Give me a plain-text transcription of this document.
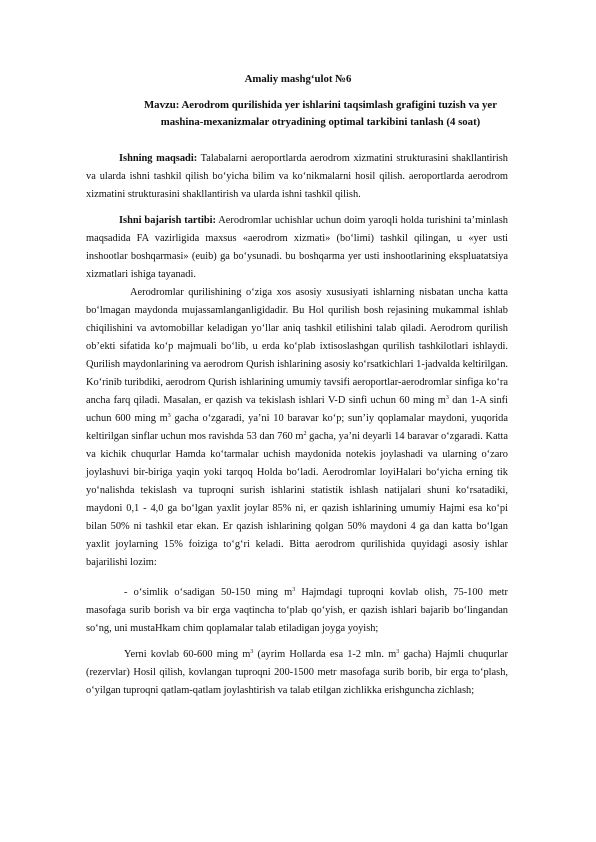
Amaliy mashg‘ulot №6
Mavzu: Aerodrom qurilishida yer ishlarini taqsimlash grafigini tuzish va yer
mashina-mexanizmalar otryadining optimal tarkibini tanlash (4 soat)

Ishning maqsadi: Talabalarni aeroportlarda aerodrom xizmatini strukturasini shakllantirish va ularda ishni tashkil qilish bo‘yicha bilim va ko‘nikmalarni hosil qilish. aeroportlarda aerodrom xizmatini strukturasini shakllantirish va ularda ishni tashkil qilish.

Ishni bajarish tartibi: Aerodromlar uchishlar uchun doim yaroqli holda turishini ta’minlash maqsadida FA vazirligida maxsus «aerodrom xizmati» (bo‘limi) tashkil qilingan, u «yer usti inshootlar boshqarmasi» (euib) ga bo‘ysunadi. bu boshqarma yer usti inshootlarining ekspluatatsiya xizmatlari ishiga tayanadi.

Aerodromlar qurilishining o‘ziga xos asosiy xususiyati ishlarning nisbatan uncha katta bo‘lmagan maydonda mujassamlanganligidadir. Bu Hol qurilish bosh rejasining mukammal ishlab chiqilishini va avtomobillar keladigan yo‘llar aniq tashkil etilishini talab qiladi. Aerodrom qurilish ob’ekti sifatida ko‘p majmuali bo‘lib, u erda ko‘plab ixtisoslashgan qurilish tashkilotlari ishlaydi. Qurilish maydonlarining va aerodrom Qurish ishlarining asosiy ko‘rsatkichlari 1-jadvalda keltirilgan. Ko‘rinib turibdiki, aerodrom Qurish ishlarining umumiy tavsifi aeroportlar-aerodromlar sinfiga ko‘ra ancha farq qiladi. Masalan, er qazish va tekislash ishlari V-D sinfi uchun 60 ming $m^3$ dan 1-A sinfi uchun 600 ming $m^3$ gacha o‘zgaradi, ya’ni 10 baravar ko‘p; sun’iy qoplamalar maydoni, yuqorida keltirilgan sinflar uchun mos ravishda 53 dan 760 $m^2$ gacha, ya’ni deyarli 14 baravar o‘zgaradi. Katta va kichik chuqurlar Hamda ko‘tarmalar uchish maydonida notekis joylashadi va ularning o‘zaro joylashuvi bir-biriga yaqin yoki tarqoq Holda bo‘ladi. Aerodromlar loyiHalari bo‘yicha erning tik yo‘nalishda tekislash va tuproqni surish ishlarini statistik ishlash natijalari shuni ko‘rsatadiki, maydoni 0,1 - 4,0 ga bo‘lgan yaxlit joylar 85% ni, er qazish ishlarining umumiy Hajmi esa ko‘pi bilan 50% ni tashkil etar ekan. Er qazish ishlarining qolgan 50% maydoni 4 ga dan katta bo‘lgan yaxlit joylarning 15% foiziga to‘g‘ri keladi. Bitta aerodrom qurilishida quyidagi asosiy ishlar bajarilishi lozim:

- o‘simlik o‘sadigan 50-150 ming $m^3$ Hajmdagi tuproqni kovlab olish, 75-100 metr masofaga surib borish va bir erga vaqtincha to‘plab qo‘yish, er qazish ishlari bajarib bo‘lingandan so‘ng, uni mustaHkam chim qoplamalar talab etiladigan joyga yoyish;

Yerni kovlab 60-600 ming $m^3$ (ayrim Hollarda esa 1-2 mln. $m^3$ gacha) Hajmli chuqurlar (rezervlar) Hosil qilish, kovlangan tuproqni 200-1500 metr masofaga surib borib, bir erga to‘plash, o‘yilgan tuproqni qatlam-qatlam joylashtirish va talab etilgan zichlikka erishguncha zichlash;
